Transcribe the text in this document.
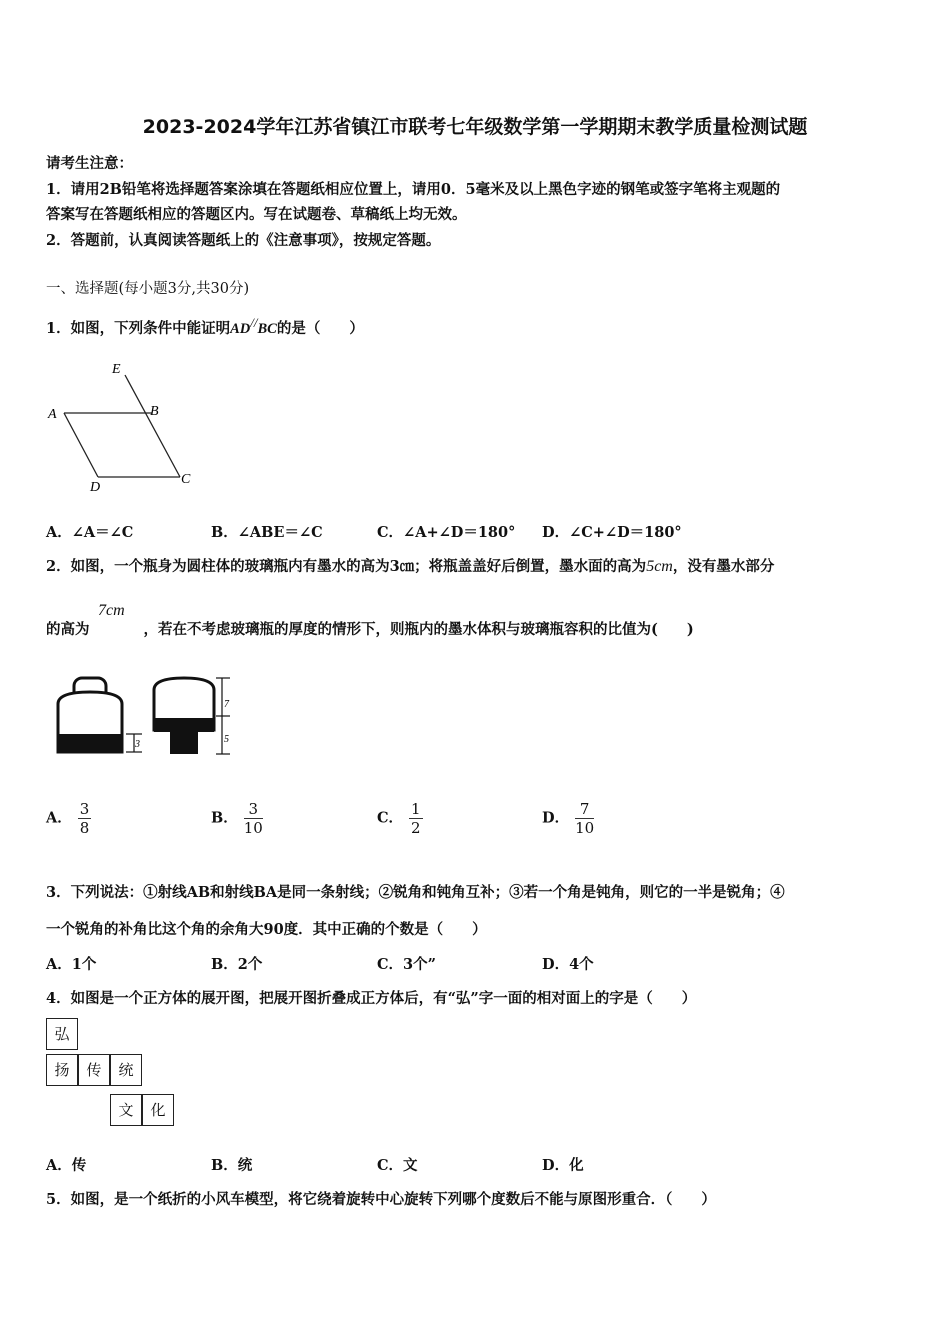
2023-2024学年江苏省镇江市联考七年级数学第一学期期末教学质量检测试题
请考生注意：
1．请用2B铅笔将选择题答案涂填在答题纸相应位置上，请用0．5毫米及以上黑色字迹的钢笔或签字笔将主观题的
答案写在答题纸相应的答题区内。写在试题卷、草稿纸上均无效。
2．答题前，认真阅读答题纸上的《注意事项》，按规定答题。
一、选择题(每小题3分,共30分)
1．如图，下列条件中能证明AD//BC的是（　　）
E
A	B
D
C
A．∠A＝∠C	B．∠ABE＝∠C	C．∠A+∠D＝180° D．∠C+∠D＝180°
2．如图，一个瓶身为圆柱体的玻璃瓶内有墨水的高为3㎝；将瓶盖盖好后倒置，墨水面的高为5cm，没有墨水部分
7cm
的高为	，若在不考虑玻璃瓶的厚度的情形下，则瓶内的墨水体积与玻璃瓶容积的比值为(　　)
3
7
5
A． $\frac{3}{8}$	B． $\frac{3}{10}$	C． $\frac{1}{2}$	D． $\frac{7}{10}$
3．下列说法：①射线AB和射线BA是同一条射线；②锐角和钝角互补；③若一个角是钝角，则它的一半是锐角；④
一个锐角的补角比这个角的余角大90度．其中正确的个数是（　　）
A．1个	B．2个	C．3个”	D．4个
4．如图是一个正方体的展开图，把展开图折叠成正方体后，有“弘”字一面的相对面上的字是（　　）
弘
扬	传	统
文	化
A．传	B．统	C．文	D．化
5．如图，是一个纸折的小风车模型，将它绕着旋转中心旋转下列哪个度数后不能与原图形重合．（　　）
